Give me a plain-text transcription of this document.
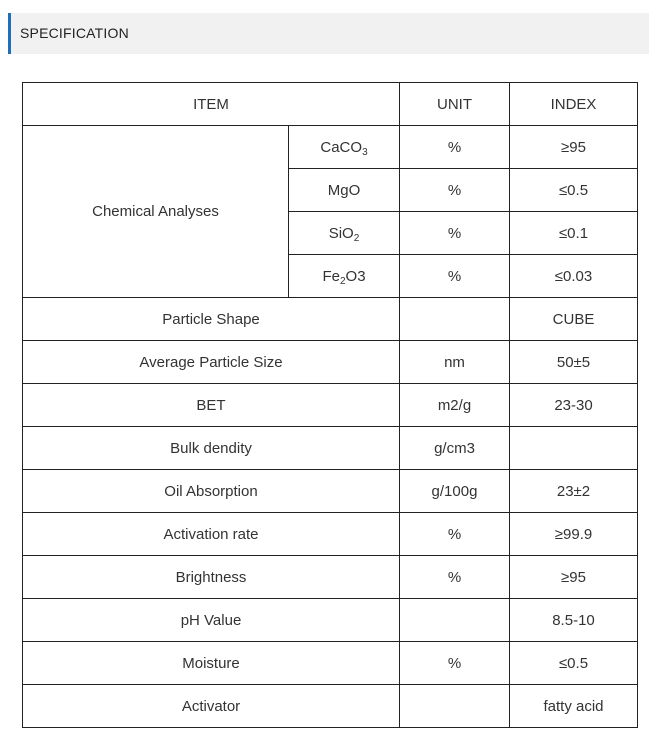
SPECIFICATION
ITEM		UNIT	INDEX
Chemical Analyses	CaCO$_3$	%	≥95
	MgO	%	≤0.5
	SiO$_2$	%	≤0.1
	$Fe_2O3$	%	≤0.03
Particle Shape			CUBE
Average Particle Size		nm	50±5
BET		m2/g	23-30
Bulk dendity		g/cm3	
Oil Absorption		g/100g	23±2
Activation rate		%	≥99.9
Brightness		%	≥95
pH Value			8.5-10
Moisture		%	≤0.5
Activator			fatty acid
